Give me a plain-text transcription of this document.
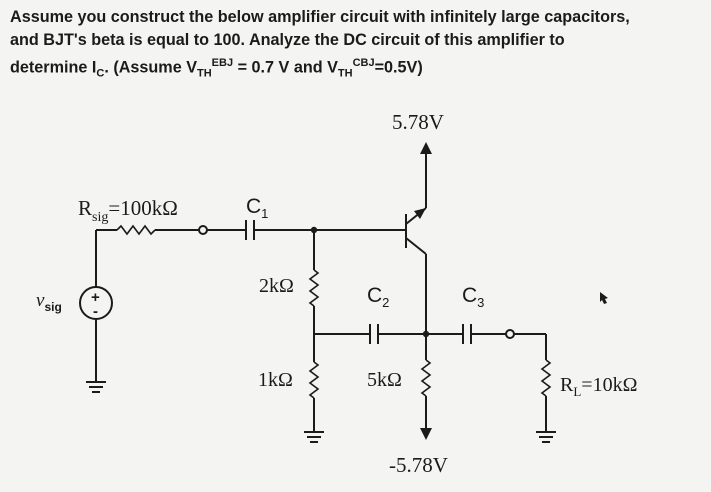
Assume you construct the below amplifier circuit with infinitely large capacitors,
and BJT's beta is equal to 100. Analyze the DC circuit of this amplifier to
determine $I_C$. (Assume $V_{TH}^{EBJ} = 0.7$ V and $V_{TH}^{CBJ}=0.5V$)
5.78V
-5.78V
$R_{sig}=100k\Omega$	$C_1$
2kΩ
1kΩ
$C_2$	$C_3$
5kΩ	$R_L=10k\Omega$
$v_{sig}$
+
-
